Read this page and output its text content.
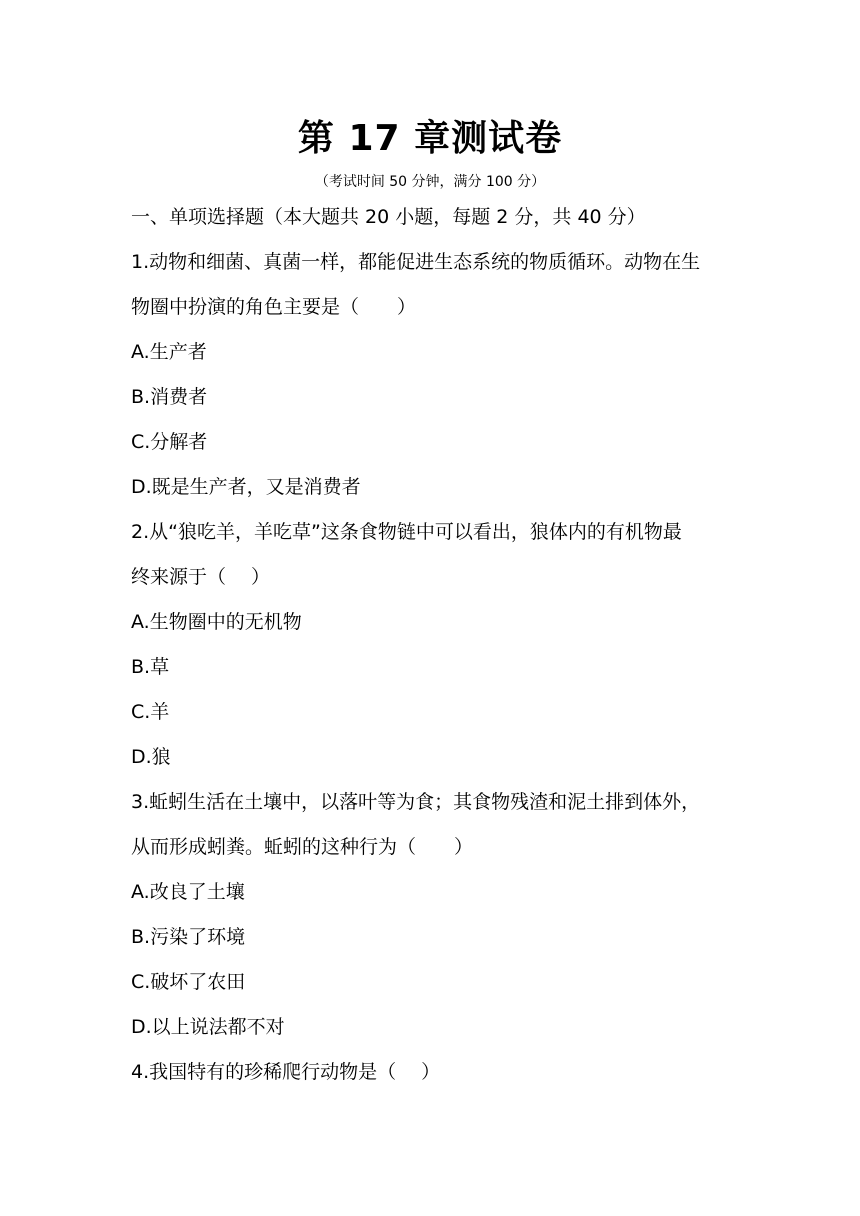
第 17 章测试卷
（考试时间 50 分钟，满分 100 分）
一、单项选择题（本大题共 20 小题，每题 2 分，共 40 分）
1.动物和细菌、真菌一样，都能促进生态系统的物质循环。动物在生
物圈中扮演的角色主要是（　　）
A.生产者
B.消费者
C.分解者
D.既是生产者，又是消费者
2.从“狼吃羊，羊吃草”这条食物链中可以看出，狼体内的有机物最
终来源于（　 ）
A.生物圈中的无机物
B.草
C.羊
D.狼
3.蚯蚓生活在土壤中，以落叶等为食；其食物残渣和泥土排到体外，
从而形成蚓粪。蚯蚓的这种行为（　　）
A.改良了土壤
B.污染了环境
C.破坏了农田
D.以上说法都不对
4.我国特有的珍稀爬行动物是（　 ）
